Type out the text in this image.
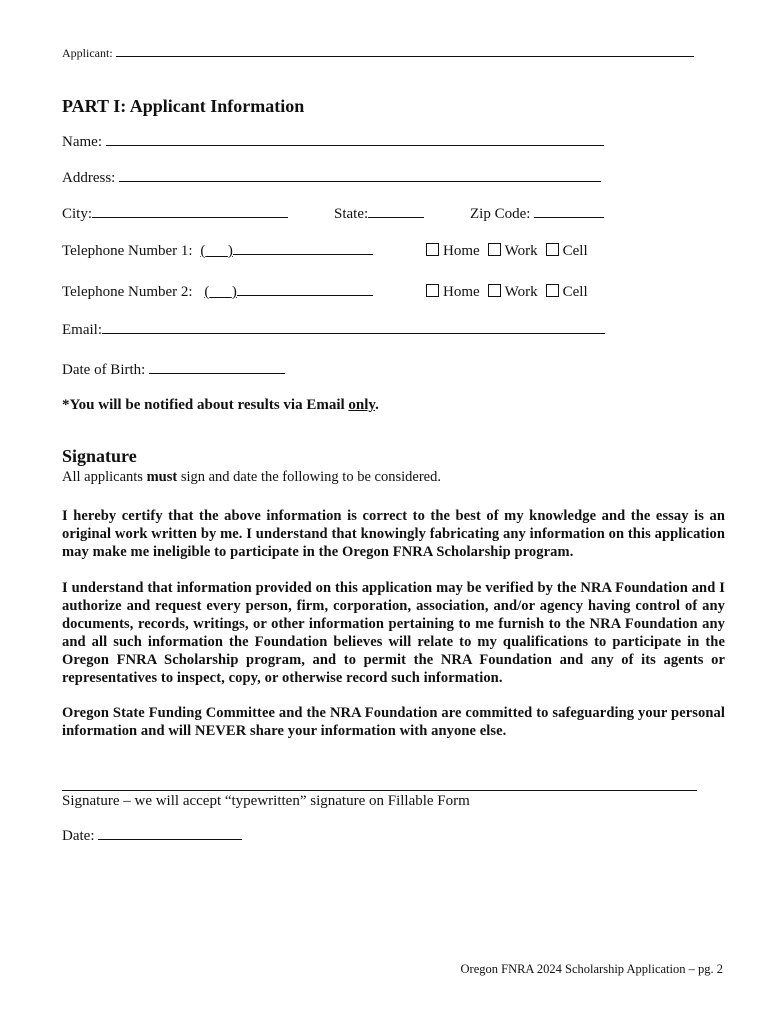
Applicant:
PART I: Applicant Information
Name:
Address:
City:	State:	Zip Code:
Telephone Number 1: ( )	Home Work Cell
Telephone Number 2: ( )	Home Work Cell
Email:
Date of Birth:
*You will be notified about results via Email only.
Signature
All applicants must sign and date the following to be considered.
I hereby certify that the above information is correct to the best of my knowledge and the essay is an original work written by me. I understand that knowingly fabricating any information on this application may make me ineligible to participate in the Oregon FNRA Scholarship program.
I understand that information provided on this application may be verified by the NRA Foundation and I authorize and request every person, firm, corporation, association, and/or agency having control of any documents, records, writings, or other information pertaining to me furnish to the NRA Foundation any and all such information the Foundation believes will relate to my qualifications to participate in the Oregon FNRA Scholarship program, and to permit the NRA Foundation and any of its agents or representatives to inspect, copy, or otherwise record such information.
Oregon State Funding Committee and the NRA Foundation are committed to safeguarding your personal information and will NEVER share your information with anyone else.
Signature – we will accept “typewritten” signature on Fillable Form
Date:
Oregon FNRA 2024 Scholarship Application – pg. 2
